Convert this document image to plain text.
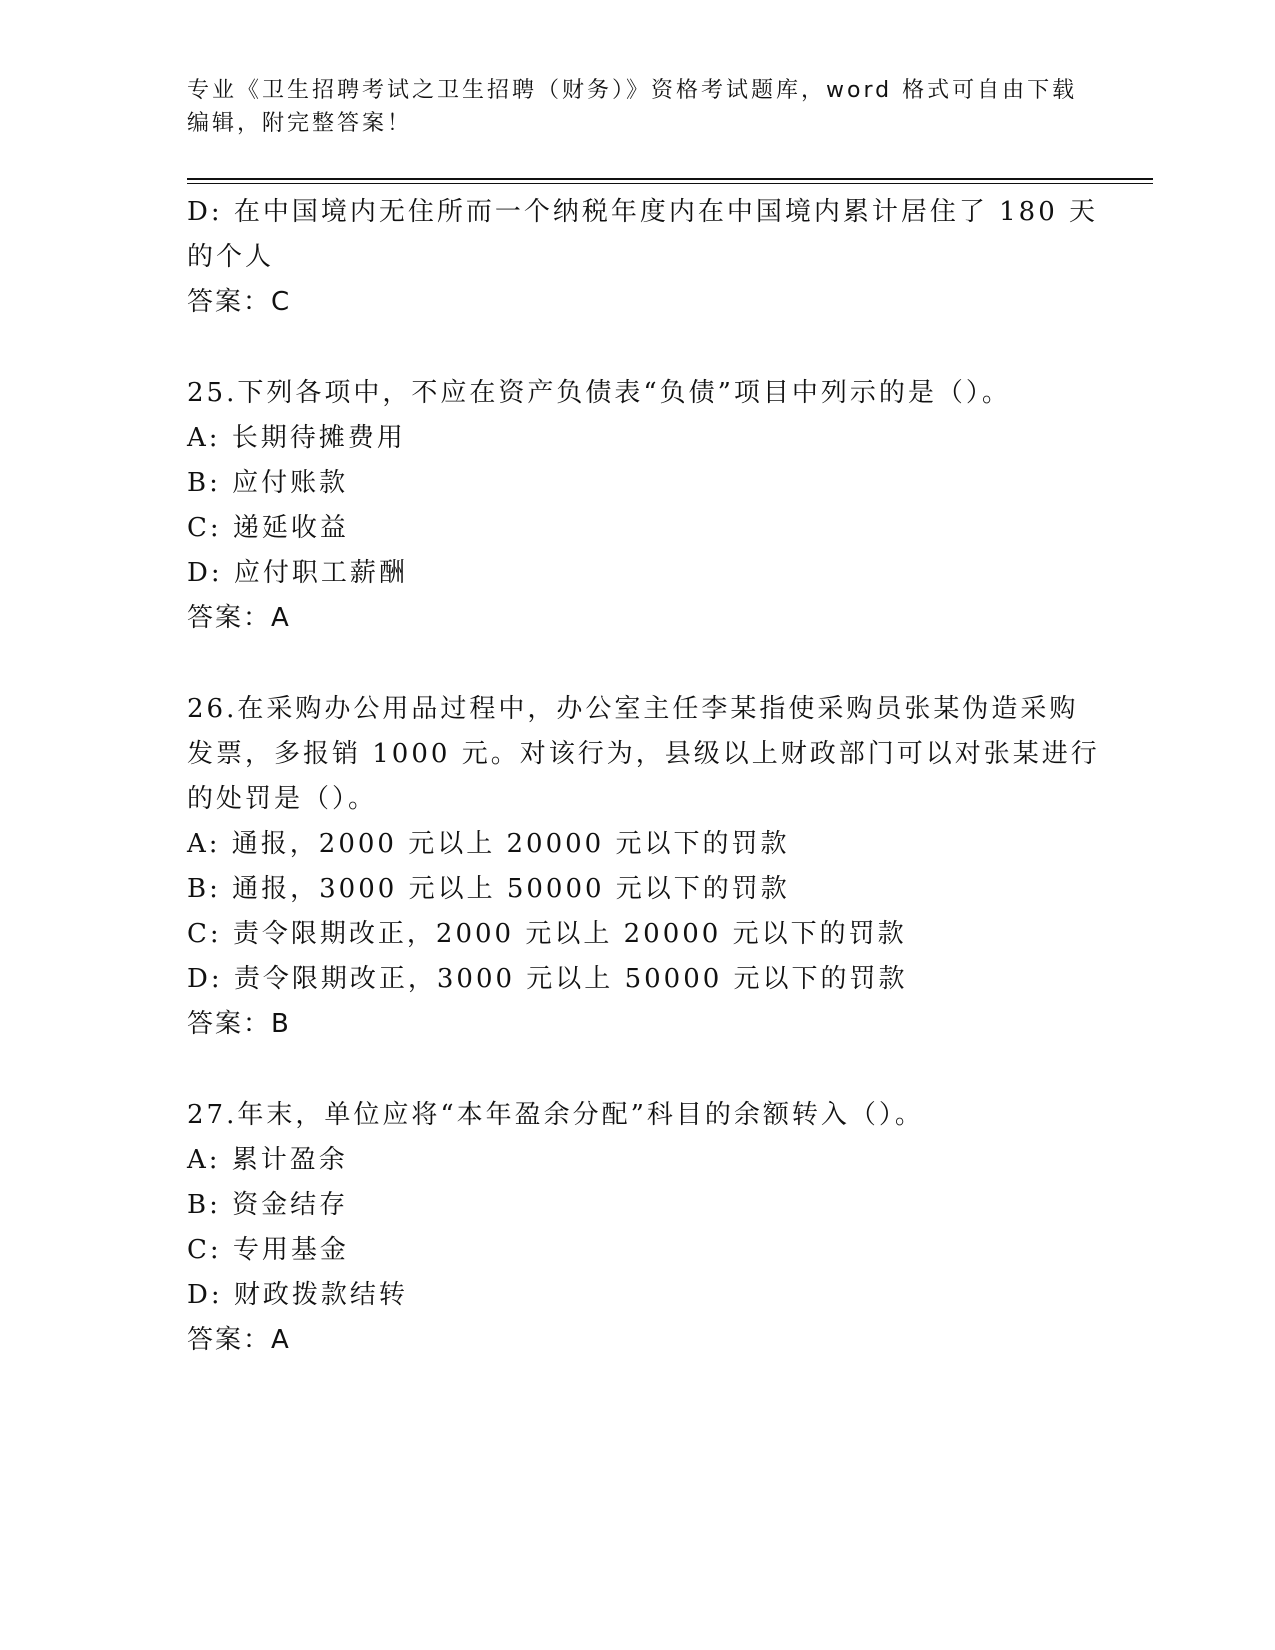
专业《卫生招聘考试之卫生招聘（财务）》资格考试题库，word 格式可自由下载
编辑，附完整答案！
D: 在中国境内无住所而一个纳税年度内在中国境内累计居住了 180 天
的个人
答案：C
25.下列各项中，不应在资产负债表“负债”项目中列示的是（）。
A: 长期待摊费用
B: 应付账款
C: 递延收益
D: 应付职工薪酬
答案：A
26.在采购办公用品过程中，办公室主任李某指使采购员张某伪造采购
发票，多报销 1000 元。对该行为，县级以上财政部门可以对张某进行
的处罚是（）。
A: 通报，2000 元以上 20000 元以下的罚款
B: 通报，3000 元以上 50000 元以下的罚款
C: 责令限期改正，2000 元以上 20000 元以下的罚款
D: 责令限期改正，3000 元以上 50000 元以下的罚款
答案：B
27.年末，单位应将“本年盈余分配”科目的余额转入（）。
A: 累计盈余
B: 资金结存
C: 专用基金
D: 财政拨款结转
答案：A
